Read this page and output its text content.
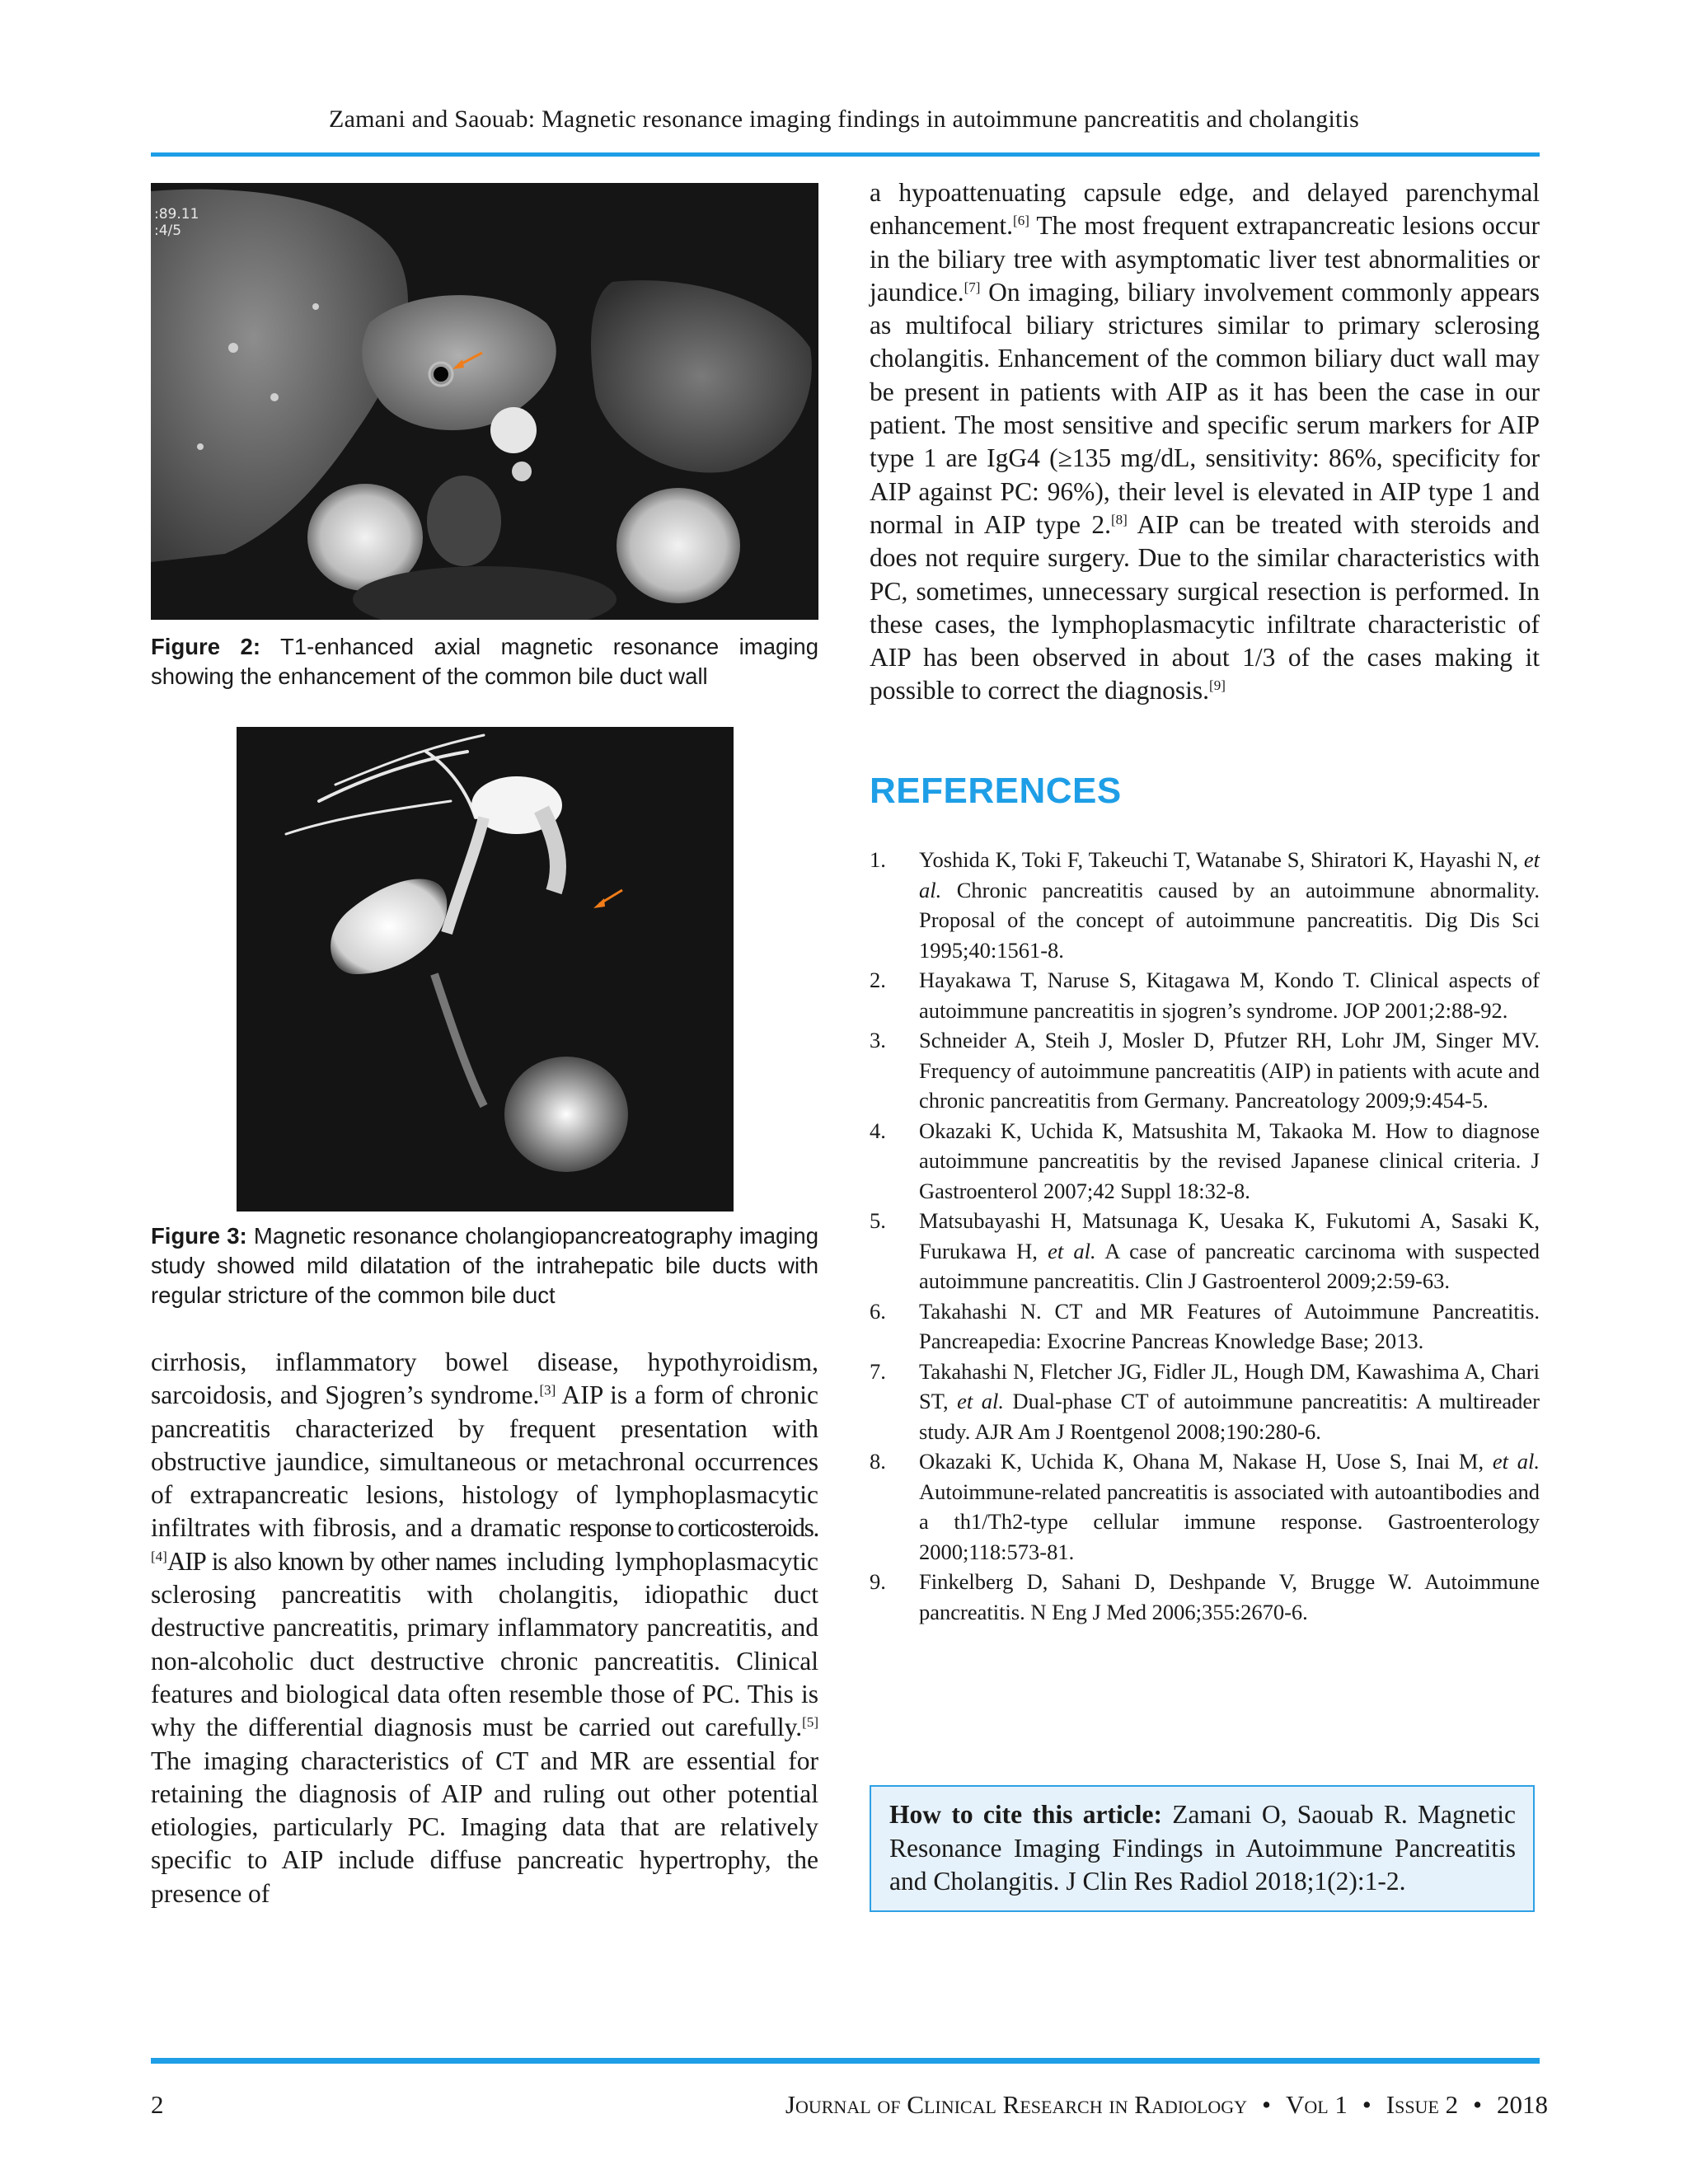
Zamani and Saouab: Magnetic resonance imaging findings in autoimmune pancreatitis and cholangitis
:89.11
:4/5
Figure 2: T1-enhanced axial magnetic resonance imaging showing the enhancement of the common bile duct wall
Figure 3: Magnetic resonance cholangiopancreatography imaging study showed mild dilatation of the intrahepatic bile ducts with regular stricture of the common bile duct
cirrhosis, inflammatory bowel disease, hypothyroidism, sarcoidosis, and Sjogren’s syndrome.[3] AIP is a form of chronic pancreatitis characterized by frequent presentation with obstructive jaundice, simultaneous or metachronal occurrences of extrapancreatic lesions, histology of lymphoplasmacytic infiltrates with fibrosis, and a dramatic response to corticosteroids.[4]AIP is also known by other names including lymphoplasmacytic sclerosing pancreatitis with cholangitis, idiopathic duct destructive pancreatitis, primary inflammatory pancreatitis, and non-alcoholic duct destructive chronic pancreatitis. Clinical features and biological data often resemble those of PC. This is why the differential diagnosis must be carried out carefully.[5] The imaging characteristics of CT and MR are essential for retaining the diagnosis of AIP and ruling out other potential etiologies, particularly PC. Imaging data that are relatively specific to AIP include diffuse pancreatic hypertrophy, the presence of
a hypoattenuating capsule edge, and delayed parenchymal enhancement.[6] The most frequent extrapancreatic lesions occur in the biliary tree with asymptomatic liver test abnormalities or jaundice.[7] On imaging, biliary involvement commonly appears as multifocal biliary strictures similar to primary sclerosing cholangitis. Enhancement of the common biliary duct wall may be present in patients with AIP as it has been the case in our patient. The most sensitive and specific serum markers for AIP type 1 are IgG4 (≥135 mg/dL, sensitivity: 86%, specificity for AIP against PC: 96%), their level is elevated in AIP type 1 and normal in AIP type 2.[8] AIP can be treated with steroids and does not require surgery. Due to the similar characteristics with PC, sometimes, unnecessary surgical resection is performed. In these cases, the lymphoplasmacytic infiltrate characteristic of AIP has been observed in about 1/3 of the cases making it possible to correct the diagnosis.[9]
REFERENCES
1. Yoshida K, Toki F, Takeuchi T, Watanabe S, Shiratori K, Hayashi N, et al. Chronic pancreatitis caused by an autoimmune abnormality. Proposal of the concept of autoimmune pancreatitis. Dig Dis Sci 1995;40:1561-8.
2. Hayakawa T, Naruse S, Kitagawa M, Kondo T. Clinical aspects of autoimmune pancreatitis in sjogren’s syndrome. JOP 2001;2:88-92.
3. Schneider A, Steih J, Mosler D, Pfutzer RH, Lohr JM, Singer MV. Frequency of autoimmune pancreatitis (AIP) in patients with acute and chronic pancreatitis from Germany. Pancreatology 2009;9:454-5.
4. Okazaki K, Uchida K, Matsushita M, Takaoka M. How to diagnose autoimmune pancreatitis by the revised Japanese clinical criteria. J Gastroenterol 2007;42 Suppl 18:32-8.
5. Matsubayashi H, Matsunaga K, Uesaka K, Fukutomi A, Sasaki K, Furukawa H, et al. A case of pancreatic carcinoma with suspected autoimmune pancreatitis. Clin J Gastroenterol 2009;2:59-63.
6. Takahashi N. CT and MR Features of Autoimmune Pancreatitis. Pancreapedia: Exocrine Pancreas Knowledge Base; 2013.
7. Takahashi N, Fletcher JG, Fidler JL, Hough DM, Kawashima A, Chari ST, et al. Dual-phase CT of autoimmune pancreatitis: A multireader study. AJR Am J Roentgenol 2008;190:280-6.
8. Okazaki K, Uchida K, Ohana M, Nakase H, Uose S, Inai M, et al. Autoimmune-related pancreatitis is associated with autoantibodies and a th1/Th2-type cellular immune response. Gastroenterology 2000;118:573-81.
9. Finkelberg D, Sahani D, Deshpande V, Brugge W. Autoimmune pancreatitis. N Eng J Med 2006;355:2670-6.
How to cite this article: Zamani O, Saouab R. Magnetic Resonance Imaging Findings in Autoimmune Pancreatitis and Cholangitis. J Clin Res Radiol 2018;1(2):1-2.
2	Journal of Clinical Research in Radiology • Vol 1 • Issue 2 • 2018
